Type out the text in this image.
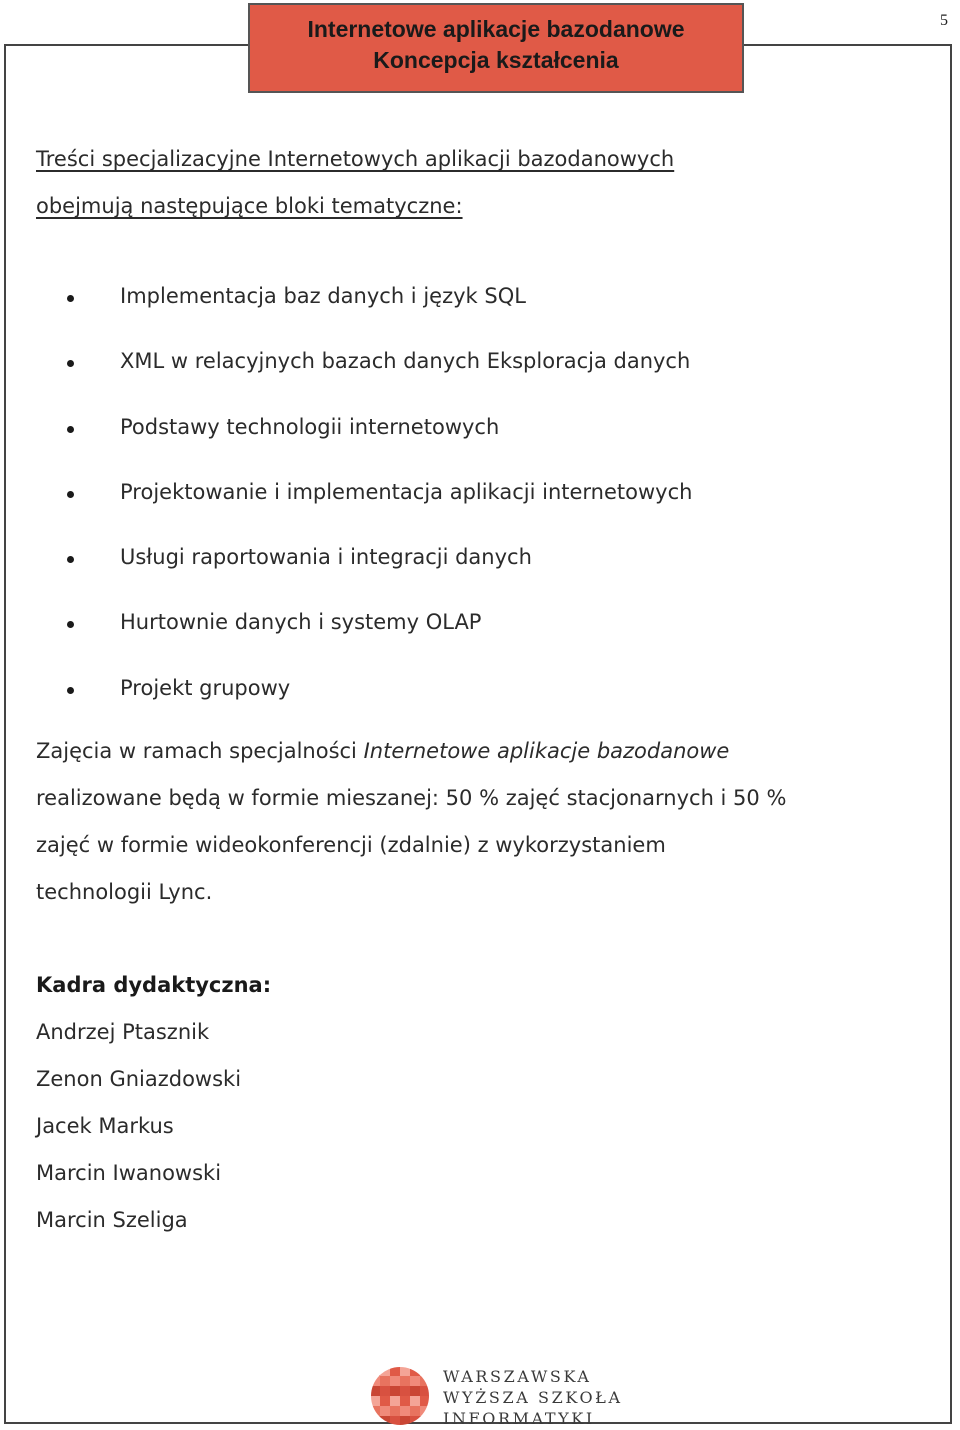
5
Internetowe aplikacje bazodanowe
Koncepcja kształcenia
Treści specjalizacyjne Internetowych aplikacji bazodanowych
obejmują następujące bloki tematyczne:
Implementacja baz danych i język SQL
XML w relacyjnych bazach danych Eksploracja danych
Podstawy technologii internetowych
Projektowanie i implementacja aplikacji internetowych
Usługi raportowania i integracji danych
Hurtownie danych i systemy OLAP
Projekt grupowy
Zajęcia w ramach specjalności Internetowe aplikacje bazodanowe
realizowane będą w formie mieszanej: 50 % zajęć stacjonarnych i 50 %
zajęć w formie wideokonferencji (zdalnie) z wykorzystaniem
technologii Lync.
Kadra dydaktyczna:
Andrzej Ptasznik
Zenon Gniazdowski
Jacek Markus
Marcin Iwanowski
Marcin Szeliga
WARSZAWSKA
WYŻSZA SZKOŁA
INFORMATYKI
